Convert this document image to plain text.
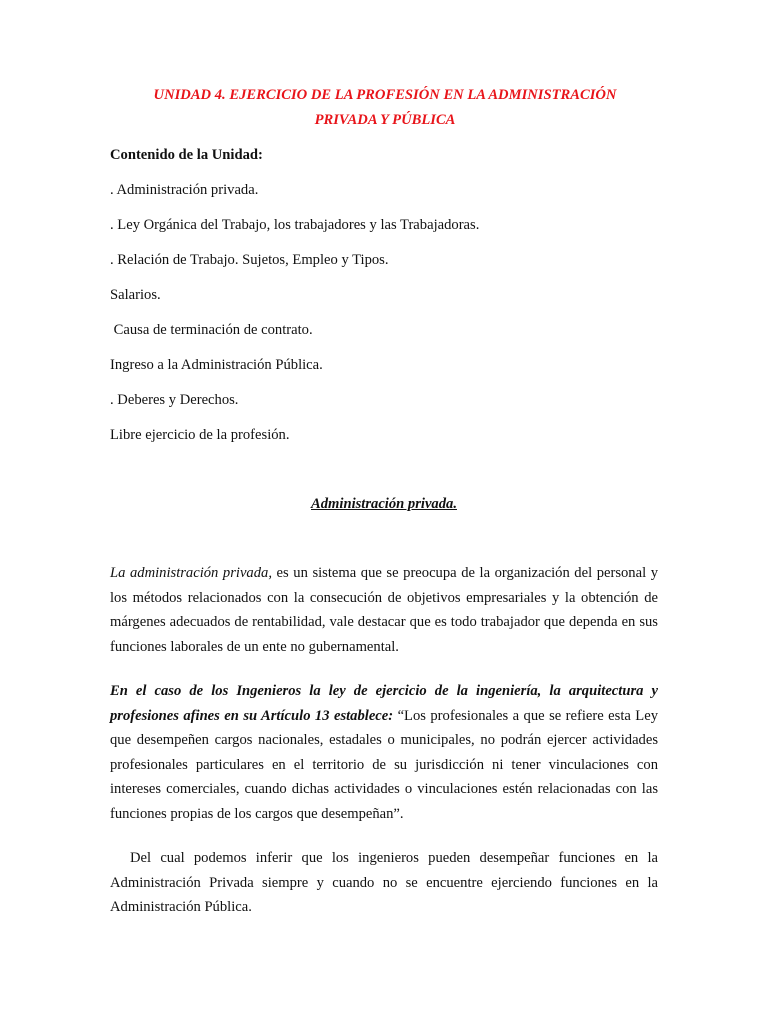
UNIDAD 4. EJERCICIO DE LA PROFESIÓN EN LA ADMINISTRACIÓN
PRIVADA Y PÚBLICA
Contenido de la Unidad:
. Administración privada.
. Ley Orgánica del Trabajo, los trabajadores y las Trabajadoras.
. Relación de Trabajo. Sujetos, Empleo y Tipos.
Salarios.
Causa de terminación de contrato.
Ingreso a la Administración Pública.
. Deberes y Derechos.
Libre ejercicio de la profesión.
Administración privada.
La administración privada, es un sistema que se preocupa de la organización del personal y los métodos relacionados con la consecución de objetivos empresariales y la obtención de márgenes adecuados de rentabilidad, vale destacar que es todo trabajador que dependa en sus funciones laborales de un ente no gubernamental.
En el caso de los Ingenieros la ley de ejercicio de la ingeniería, la arquitectura y profesiones afines en su Artículo 13 establece: “Los profesionales a que se refiere esta Ley que desempeñen cargos nacionales, estadales o municipales, no podrán ejercer actividades profesionales particulares en el territorio de su jurisdicción ni tener vinculaciones con intereses comerciales, cuando dichas actividades o vinculaciones estén relacionadas con las funciones propias de los cargos que desempeñan”.
Del cual podemos inferir que los ingenieros pueden desempeñar funciones en la Administración Privada siempre y cuando no se encuentre ejerciendo funciones en la Administración Pública.
